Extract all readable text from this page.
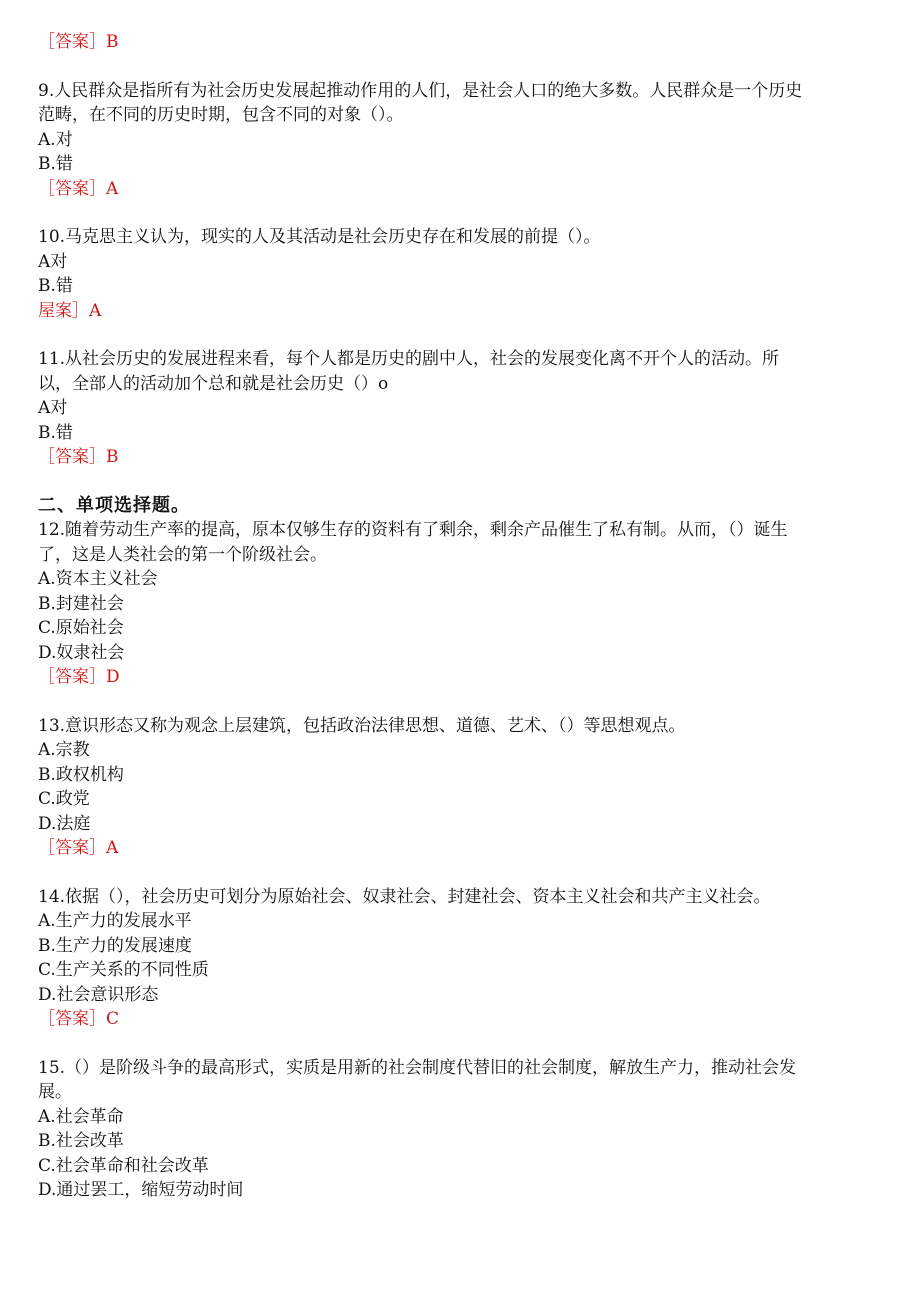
［答案］B
9.人民群众是指所有为社会历史发展起推动作用的人们，是社会人口的绝大多数。人民群众是一个历史
范畴，在不同的历史时期，包含不同的对象（）。
A.对
B.错
［答案］A
10.马克思主义认为，现实的人及其活动是社会历史存在和发展的前提（）。
A对
B.错
屋案］A
11.从社会历史的发展进程来看，每个人都是历史的剧中人，社会的发展变化离不开个人的活动。所
以，全部人的活动加个总和就是社会历史（）o
A对
B.错
［答案］B
二、单项选择题。
12.随着劳动生产率的提高，原本仅够生存的资料有了剩余，剩余产品催生了私有制。从而，（）诞生
了，这是人类社会的第一个阶级社会。
A.资本主义社会
B.封建社会
C.原始社会
D.奴隶社会
［答案］D
13.意识形态又称为观念上层建筑，包括政治法律思想、道德、艺术、（）等思想观点。
A.宗教
B.政权机构
C.政党
D.法庭
［答案］A
14.依据（），社会历史可划分为原始社会、奴隶社会、封建社会、资本主义社会和共产主义社会。
A.生产力的发展水平
B.生产力的发展速度
C.生产关系的不同性质
D.社会意识形态
［答案］C
15.（）是阶级斗争的最高形式，实质是用新的社会制度代替旧的社会制度，解放生产力，推动社会发
展。
A.社会革命
B.社会改革
C.社会革命和社会改革
D.通过罢工，缩短劳动时间
